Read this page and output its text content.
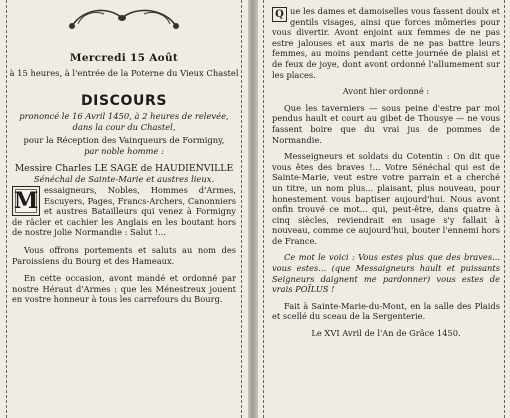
Mercredi 15 Août
à 15 heures, à l'entrée de la Poterne du Vieux Chastel
DISCOURS
prononcé le 16 Avril 1450, à 2 heures de relevée,
dans la cour du Chastel,
pour la Réception des Vainqueurs de Formigny,
par noble homme :
Messire Charles LE SAGE de HAUDIENVILLE
Sénéchal de Sainte-Marie et austres lieux.
M essaigneurs, Nobles, Hommes d'Armes, Escuyers, Pages, Francs-Archers, Canonniers et austres Batailleurs qui venez à Formigny de râcler et cachier les Anglais en les boutant hors de nostre jolie Normandie : Salut !...

Vous offrons portements et saluts au nom des Paroissiens du Bourg et des Hameaux.

En cette occasion, avont mandé et ordonné par nostre Héraut d'Armes : que les Ménestreux jouent en vostre honneur à tous les carrefours du Bourg.

Q ue les dames et damoiselles vous fassent doulx et gentils visages, ainsi que forces mômeries pour vous divertir. Avont enjoint aux femmes de ne pas estre jalouses et aux maris de ne pas battre leurs femmes, au moins pendant cette journée de plaisi et de feux de joye, dont avont ordonné l'allumement sur les places.

Avont hier ordonné :

Que les taverniers — sous peine d'estre par moi pendus hault et court au gibet de Thousye — ne vous fassent boire que du vrai jus de pommes de Normandie.

Messeigneurs et soldats du Cotentin : On dit que vous êtes des braves !... Votre Sénéchal qui est de Sainte-Marie, veut estre votre parrain et a cherché un titre, un nom plus... plaisant, plus nouveau, pour honestement vous baptiser aujourd'hui. Nous avont onfin trouvé ce mot... qui, peut-être, dans quatre à cinq siècles, reviendrait en usage s'y fallait à nouveau, comme ce aujourd'hui, bouter l'ennemi hors de France.

Ce mot le voici : Vous estes plus que des braves... vous estes... (que Messaigneurs hault et puissants Seigneurs daignent me pardonner) vous estes de vrais POÏLUS !

Fait à Sainte-Marie-du-Mont, en la salle des Plaids et scellé du sceau de la Sergenterie.

Le XVI Avril de l'An de Grâce 1450.
